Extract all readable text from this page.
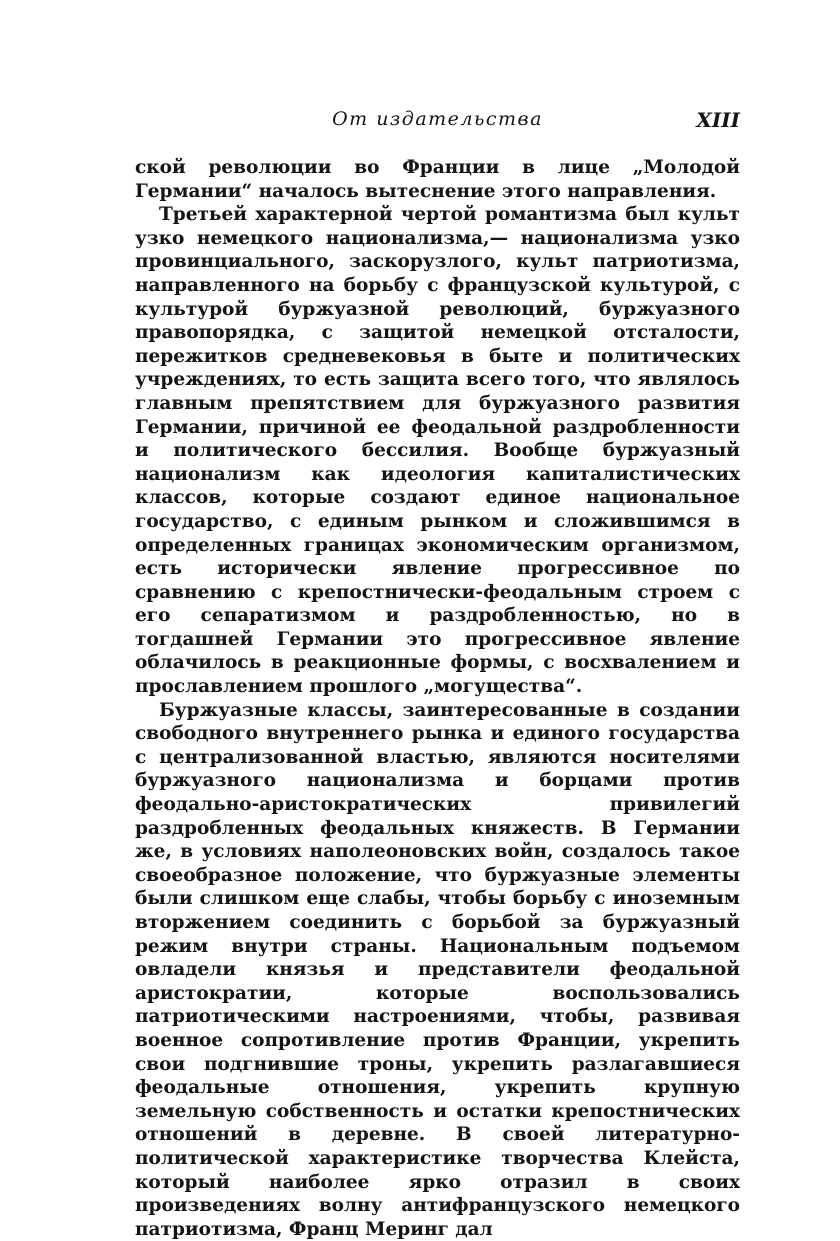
От издательства	XIII

ской революции во Франции в лице „Молодой Германии“ началось вытеснение этого направления.

Третьей характерной чертой романтизма был культ узко немецкого национализма,— национализма узко провинциального, заскорузлого, культ патриотизма, направленного на борьбу с французской культурой, с культурой буржуазной революций, буржуазного правопорядка, с защитой немецкой отсталости, пережитков средневековья в быте и политических учреждениях, то есть защита всего того, что являлось главным препятствием для буржуазного развития Германии, причиной ее феодальной раздробленности и политического бессилия. Вообще буржуазный национализм как идеология капиталистических классов, которые создают единое национальное государство, с единым рынком и сложившимся в определенных границах экономическим организмом, есть исторически явление прогрессивное по сравнению с крепостнически-феодальным строем с его сепаратизмом и раздробленностью, но в тогдашней Германии это прогрессивное явление облачилось в реакционные формы, с восхвалением и прославлением прошлого „могущества“.

Буржуазные классы, заинтересованные в создании свободного внутреннего рынка и единого государства с централизованной властью, являются носителями буржуазного национализма и борцами против феодально-аристократических привилегий раздробленных феодальных княжеств. В Германии же, в условиях наполеоновских войн, создалось такое своеобразное положение, что буржуазные элементы были слишком еще слабы, чтобы борьбу с иноземным вторжением соединить с борьбой за буржуазный режим внутри страны. Национальным подъемом овладели князья и представители феодальной аристократии, которые воспользовались патриотическими настроениями, чтобы, развивая военное сопротивление против Франции, укрепить свои подгнившие троны, укрепить разлагавшиеся феодальные отношения, укрепить крупную земельную собственность и остатки крепостнических отношений в деревне. В своей литературно-политической характеристике творчества Клейста, который наиболее ярко отразил в своих произведениях волну антифранцузского немецкого патриотизма, Франц Меринг дал
